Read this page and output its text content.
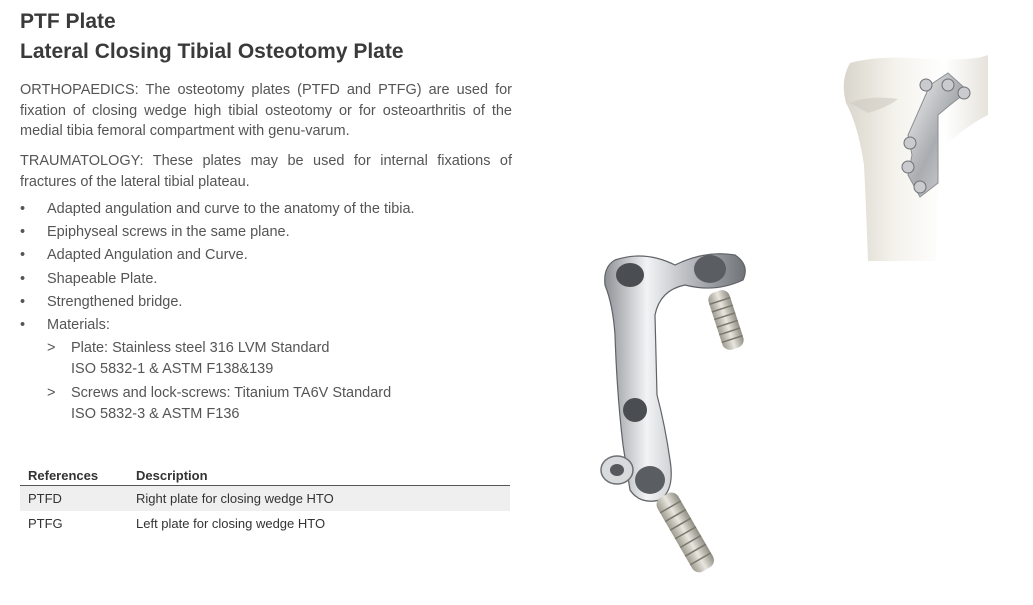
PTF Plate
Lateral Closing Tibial Osteotomy Plate
ORTHOPAEDICS: The osteotomy plates (PTFD and PTFG) are used for fixation of closing wedge high tibial osteotomy or for osteoarthritis of the medial tibia femoral compartment with genu-varum.
TRAUMATOLOGY: These plates may be used for internal fixations of fractures of the lateral tibial plateau.
• Adapted angulation and curve to the anatomy of the tibia.
• Epiphyseal screws in the same plane.
• Adapted Angulation and Curve.
• Shapeable Plate.
• Strengthened bridge.
• Materials:
> Plate: Stainless steel 316 LVM Standard
ISO 5832-1 & ASTM F138&139
> Screws and lock-screws: Titanium TA6V Standard
ISO 5832-3 & ASTM F136
References	Description
PTFD	Right plate for closing wedge HTO
PTFG	Left plate for closing wedge HTO
